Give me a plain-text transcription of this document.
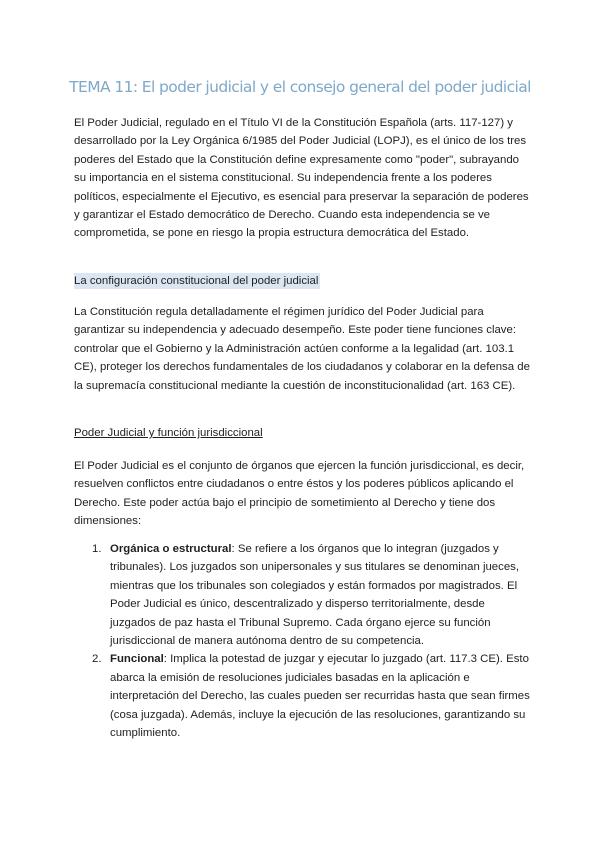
TEMA 11: El poder judicial y el consejo general del poder judicial

El Poder Judicial, regulado en el Título VI de la Constitución Española (arts. 117-127) y desarrollado por la Ley Orgánica 6/1985 del Poder Judicial (LOPJ), es el único de los tres poderes del Estado que la Constitución define expresamente como "poder", subrayando su importancia en el sistema constitucional. Su independencia frente a los poderes políticos, especialmente el Ejecutivo, es esencial para preservar la separación de poderes y garantizar el Estado democrático de Derecho. Cuando esta independencia se ve comprometida, se pone en riesgo la propia estructura democrática del Estado.

La configuración constitucional del poder judicial

La Constitución regula detalladamente el régimen jurídico del Poder Judicial para garantizar su independencia y adecuado desempeño. Este poder tiene funciones clave: controlar que el Gobierno y la Administración actúen conforme a la legalidad (art. 103.1 CE), proteger los derechos fundamentales de los ciudadanos y colaborar en la defensa de la supremacía constitucional mediante la cuestión de inconstitucionalidad (art. 163 CE).

Poder Judicial y función jurisdiccional

El Poder Judicial es el conjunto de órganos que ejercen la función jurisdiccional, es decir, resuelven conflictos entre ciudadanos o entre éstos y los poderes públicos aplicando el Derecho. Este poder actúa bajo el principio de sometimiento al Derecho y tiene dos dimensiones:

1. Orgánica o estructural: Se refiere a los órganos que lo integran (juzgados y tribunales). Los juzgados son unipersonales y sus titulares se denominan jueces, mientras que los tribunales son colegiados y están formados por magistrados. El Poder Judicial es único, descentralizado y disperso territorialmente, desde juzgados de paz hasta el Tribunal Supremo. Cada órgano ejerce su función jurisdiccional de manera autónoma dentro de su competencia.
2. Funcional: Implica la potestad de juzgar y ejecutar lo juzgado (art. 117.3 CE). Esto abarca la emisión de resoluciones judiciales basadas en la aplicación e interpretación del Derecho, las cuales pueden ser recurridas hasta que sean firmes (cosa juzgada). Además, incluye la ejecución de las resoluciones, garantizando su cumplimiento.
